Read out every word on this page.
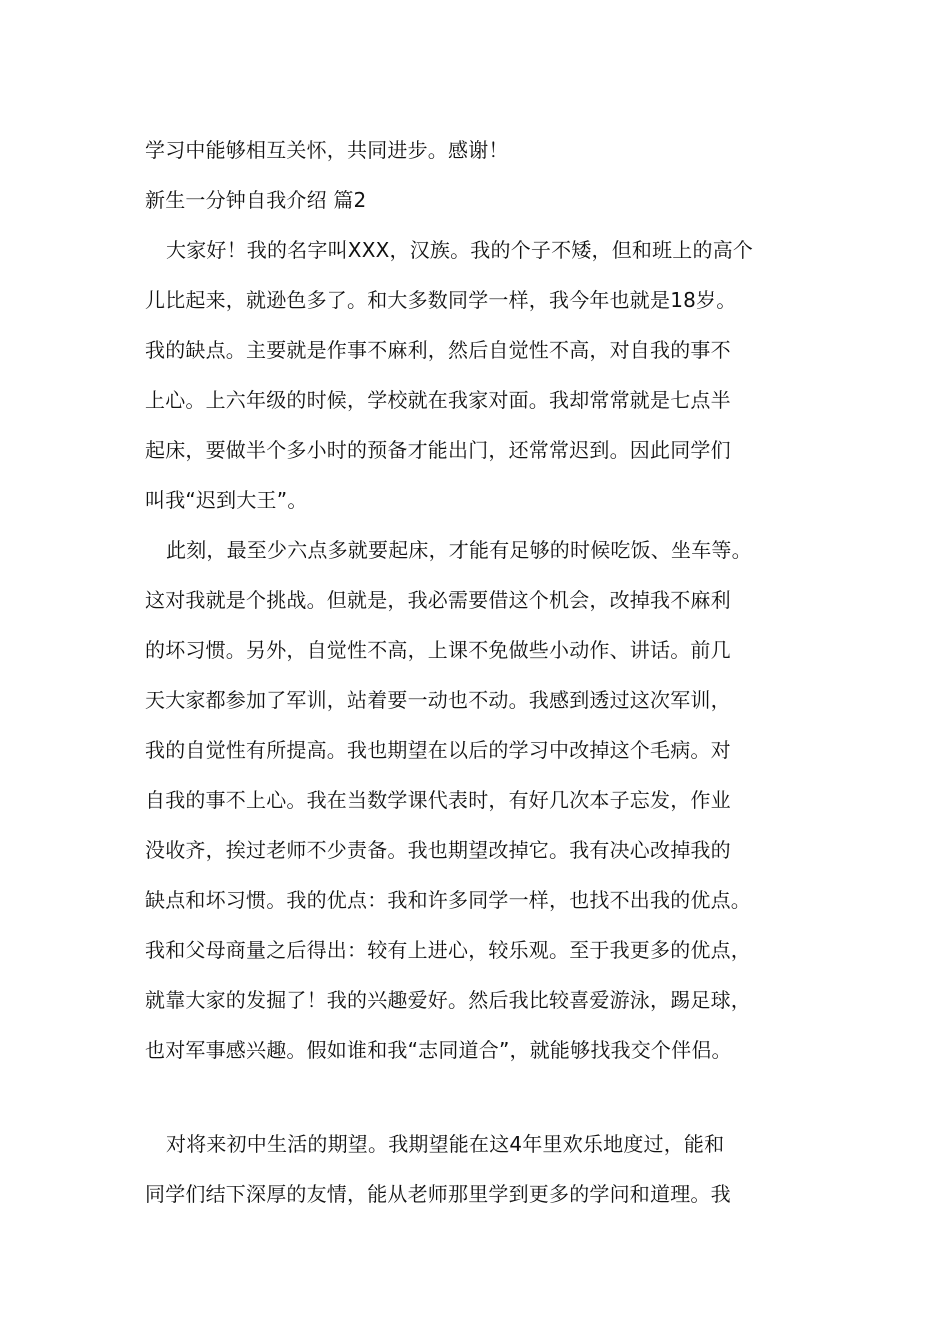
学习中能够相互关怀，共同进步。感谢！

新生一分钟自我介绍 篇2

大家好！我的名字叫XXX，汉族。我的个子不矮，但和班上的高个

儿比起来，就逊色多了。和大多数同学一样，我今年也就是18岁。

我的缺点。主要就是作事不麻利，然后自觉性不高，对自我的事不

上心。上六年级的时候，学校就在我家对面。我却常常就是七点半

起床，要做半个多小时的预备才能出门，还常常迟到。因此同学们

叫我“迟到大王”。

此刻，最至少六点多就要起床，才能有足够的时候吃饭、坐车等。

这对我就是个挑战。但就是，我必需要借这个机会，改掉我不麻利

的坏习惯。另外，自觉性不高，上课不免做些小动作、讲话。前几

天大家都参加了军训，站着要一动也不动。我感到透过这次军训，

我的自觉性有所提高。我也期望在以后的学习中改掉这个毛病。对

自我的事不上心。我在当数学课代表时，有好几次本子忘发，作业

没收齐，挨过老师不少责备。我也期望改掉它。我有决心改掉我的

缺点和坏习惯。我的优点：我和许多同学一样，也找不出我的优点。

我和父母商量之后得出：较有上进心，较乐观。至于我更多的优点，

就靠大家的发掘了！我的兴趣爱好。然后我比较喜爱游泳，踢足球，

也对军事感兴趣。假如谁和我“志同道合”，就能够找我交个伴侣。

对将来初中生活的期望。我期望能在这4年里欢乐地度过，能和

同学们结下深厚的友情，能从老师那里学到更多的学问和道理。我
